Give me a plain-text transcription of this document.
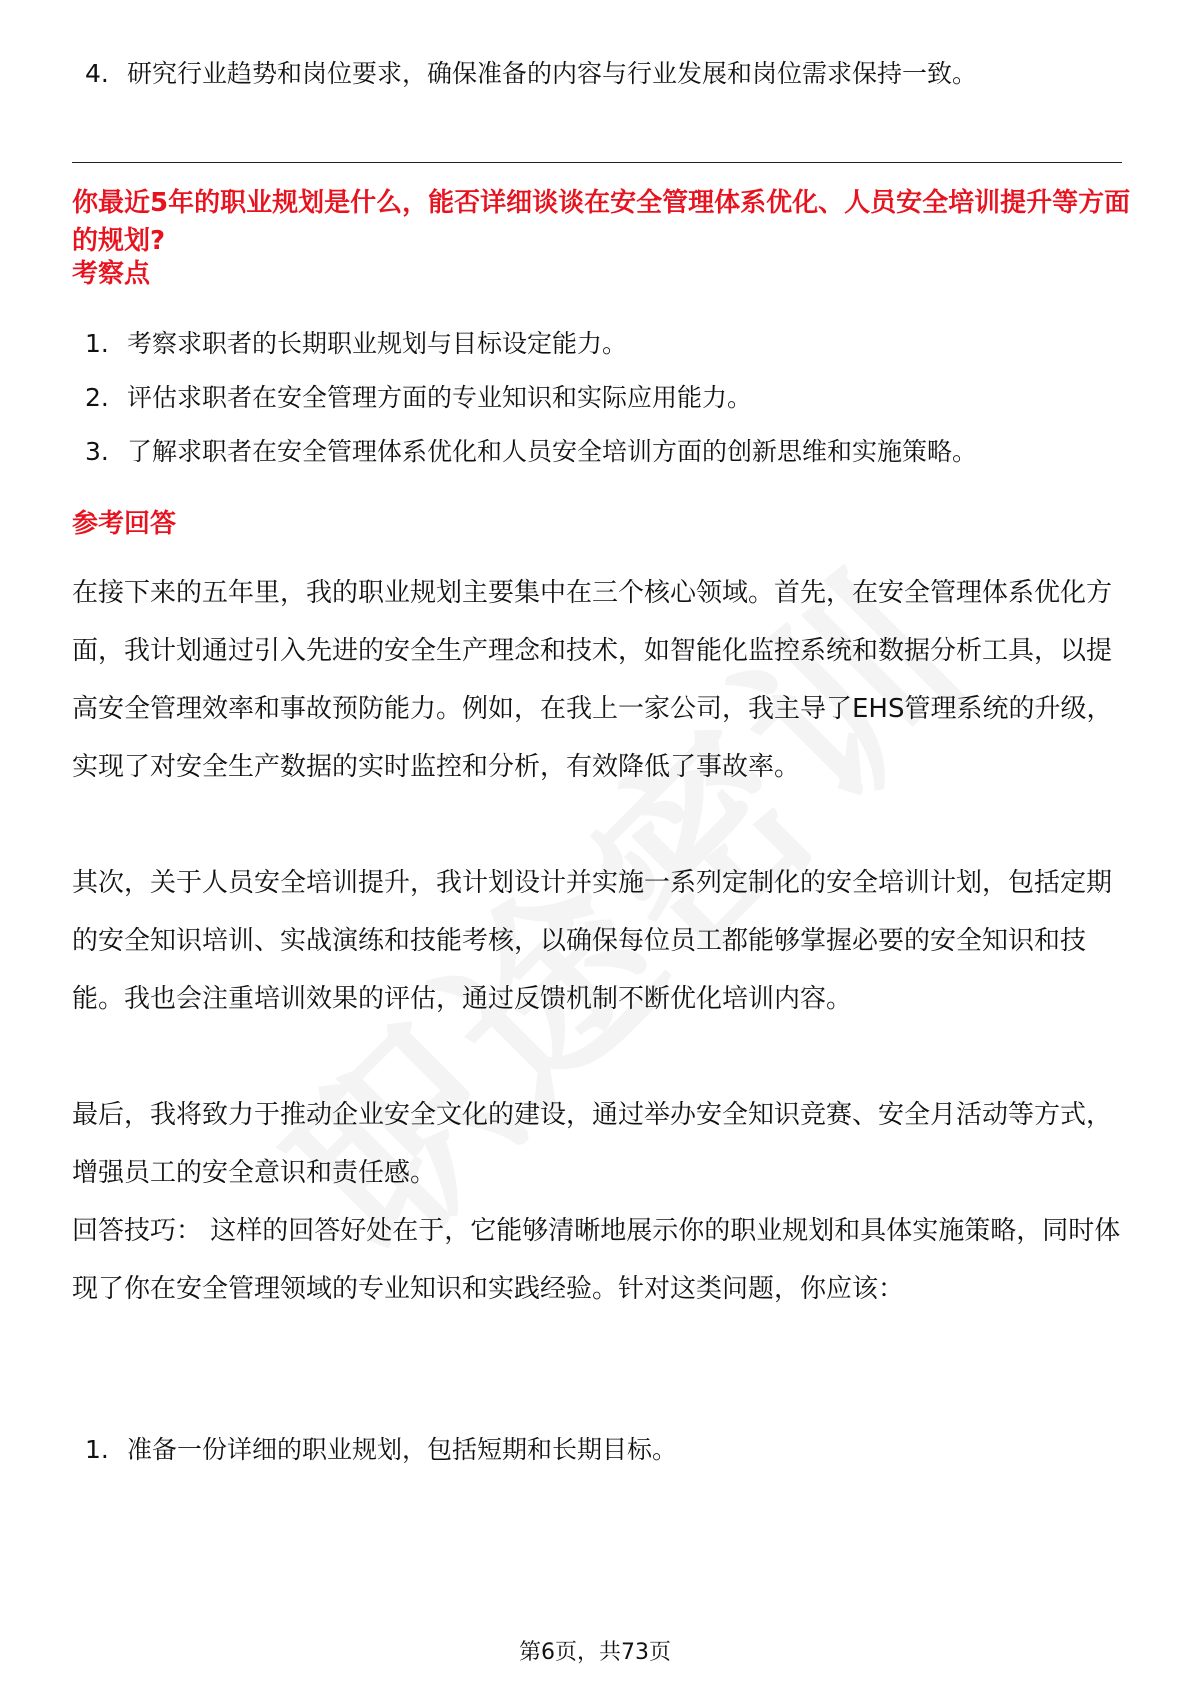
4. 研究行业趋势和岗位要求，确保准备的内容与行业发展和岗位需求保持一致。
你最近5年的职业规划是什么，能否详细谈谈在安全管理体系优化、人员安全培训提升等方面的规划?
考察点
1. 考察求职者的长期职业规划与目标设定能力。
2. 评估求职者在安全管理方面的专业知识和实际应用能力。
3. 了解求职者在安全管理体系优化和人员安全培训方面的创新思维和实施策略。
参考回答
在接下来的五年里，我的职业规划主要集中在三个核心领域。首先，在安全管理体系优化方面，我计划通过引入先进的安全生产理念和技术，如智能化监控系统和数据分析工具，以提高安全管理效率和事故预防能力。例如，在我上一家公司，我主导了EHS管理系统的升级，实现了对安全生产数据的实时监控和分析，有效降低了事故率。
其次，关于人员安全培训提升，我计划设计并实施一系列定制化的安全培训计划，包括定期的安全知识培训、实战演练和技能考核，以确保每位员工都能够掌握必要的安全知识和技能。我也会注重培训效果的评估，通过反馈机制不断优化培训内容。
最后，我将致力于推动企业安全文化的建设，通过举办安全知识竞赛、安全月活动等方式，增强员工的安全意识和责任感。
回答技巧： 这样的回答好处在于，它能够清晰地展示你的职业规划和具体实施策略，同时体现了你在安全管理领域的专业知识和实践经验。针对这类问题，你应该：
1. 准备一份详细的职业规划，包括短期和长期目标。
第6页，共73页
